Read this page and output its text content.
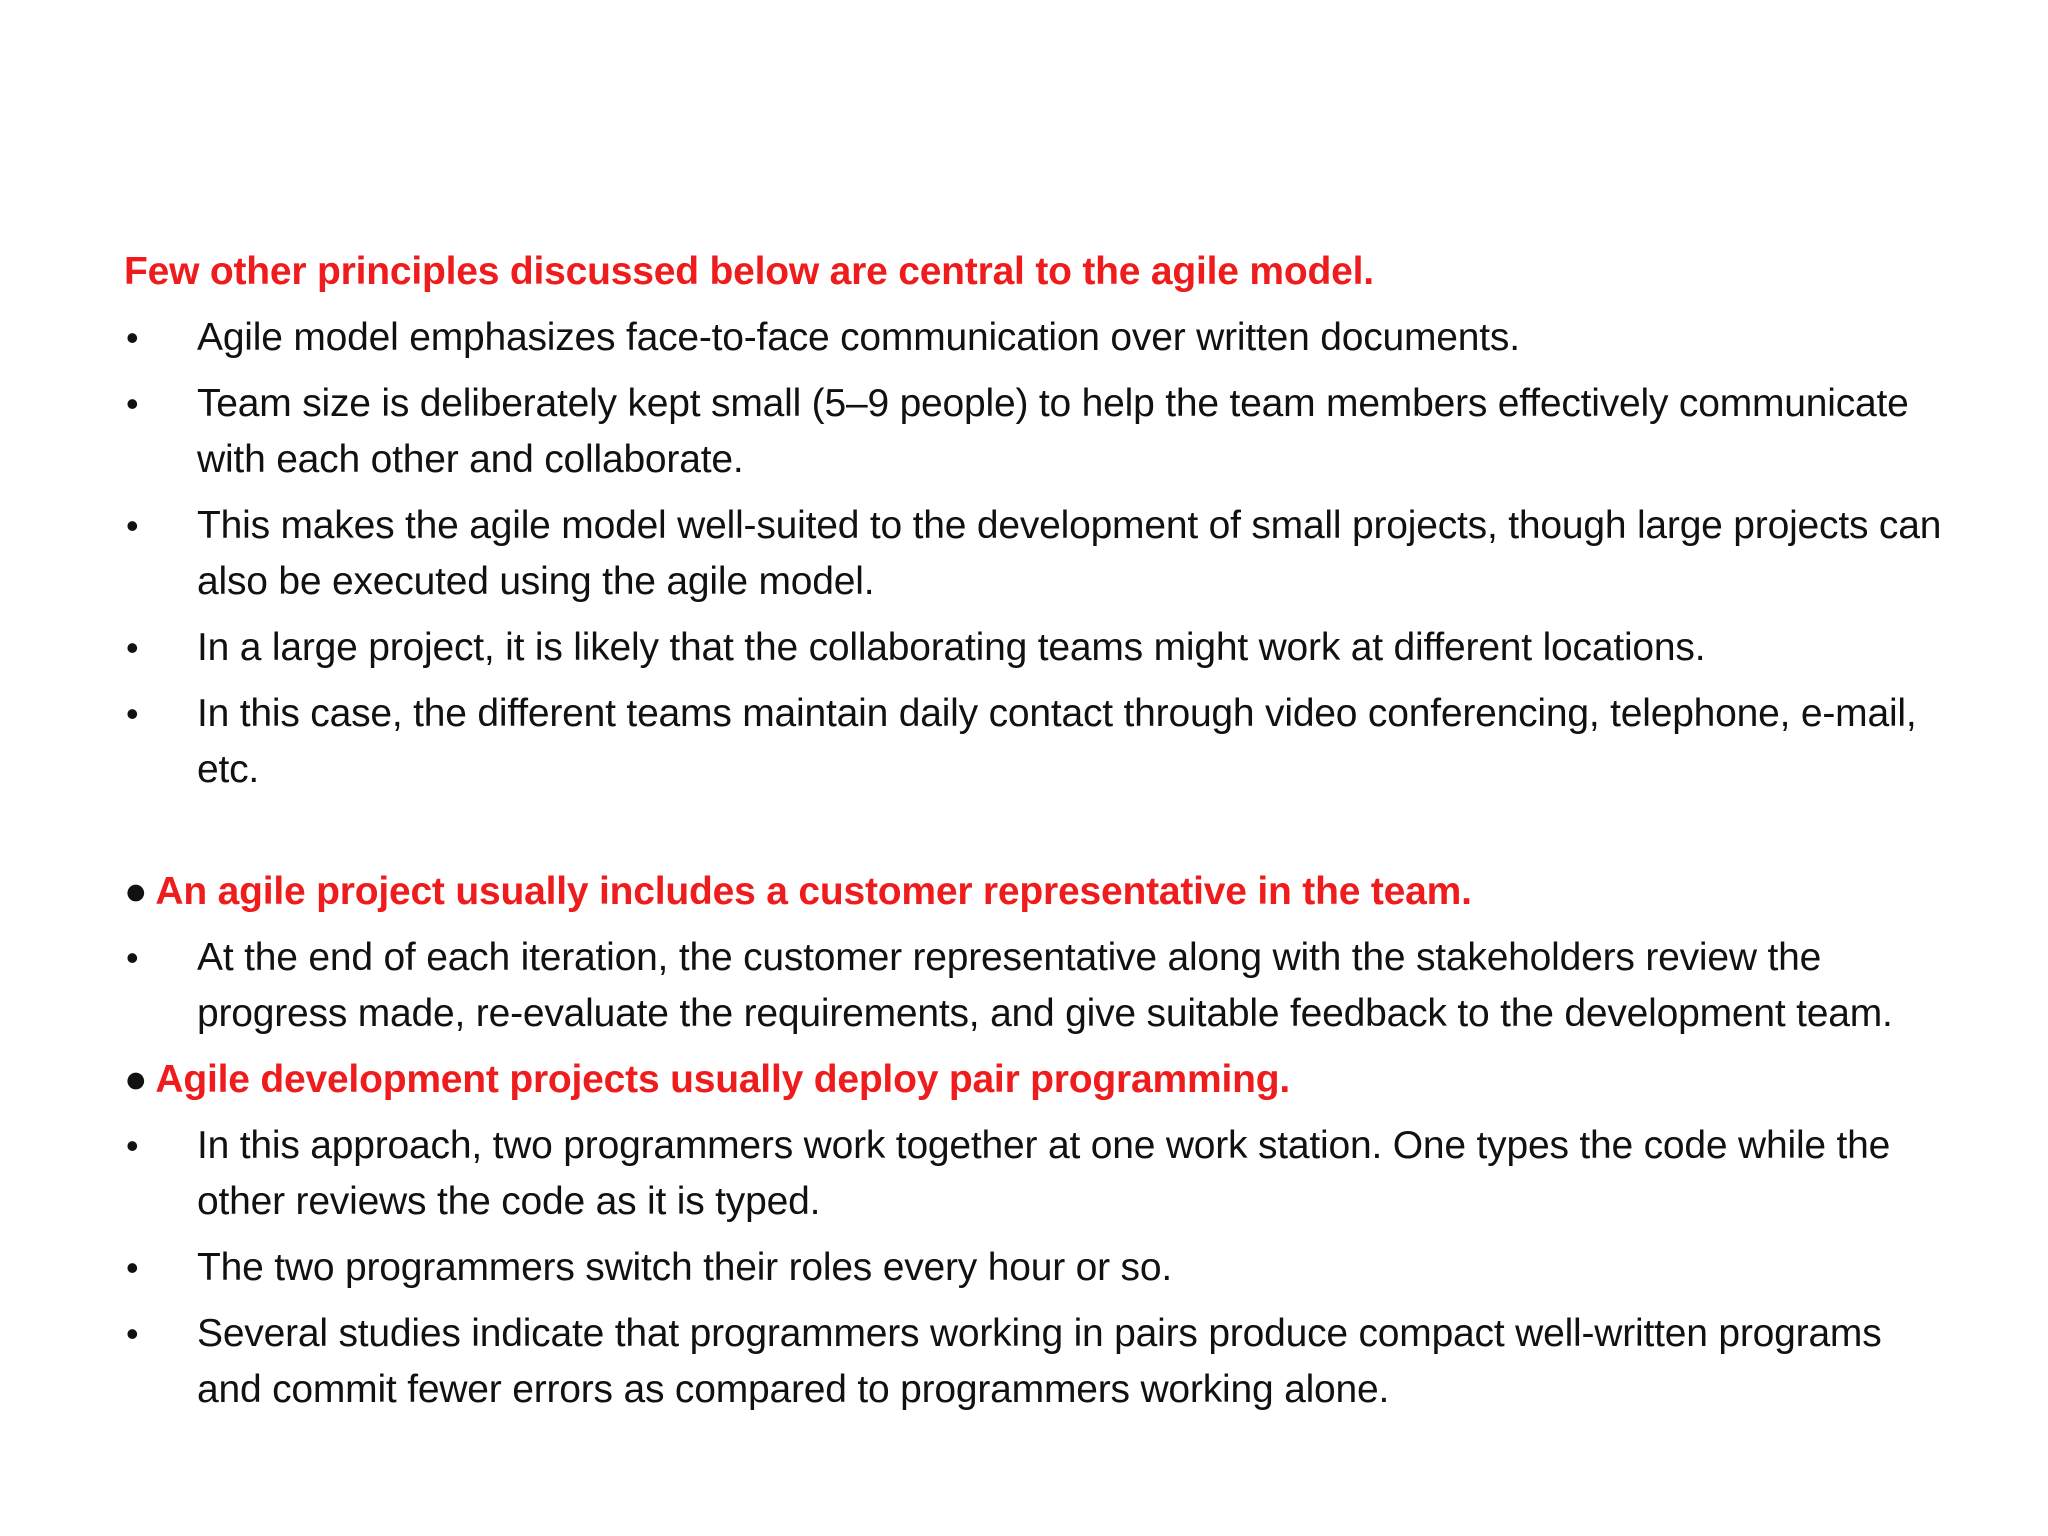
Few other principles discussed below are central to the agile model.
• Agile model emphasizes face-to-face communication over written documents.
• Team size is deliberately kept small (5–9 people) to help the team members effectively communicate with each other and collaborate.
• This makes the agile model well-suited to the development of small projects, though large projects can also be executed using the agile model.
• In a large project, it is likely that the collaborating teams might work at different locations.
• In this case, the different teams maintain daily contact through video conferencing, telephone, e-mail, etc.
● An agile project usually includes a customer representative in the team.
• At the end of each iteration, the customer representative along with the stakeholders review the progress made, re-evaluate the requirements, and give suitable feedback to the development team.
● Agile development projects usually deploy pair programming.
• In this approach, two programmers work together at one work station. One types the code while the other reviews the code as it is typed.
• The two programmers switch their roles every hour or so.
• Several studies indicate that programmers working in pairs produce compact well-written programs and commit fewer errors as compared to programmers working alone.
